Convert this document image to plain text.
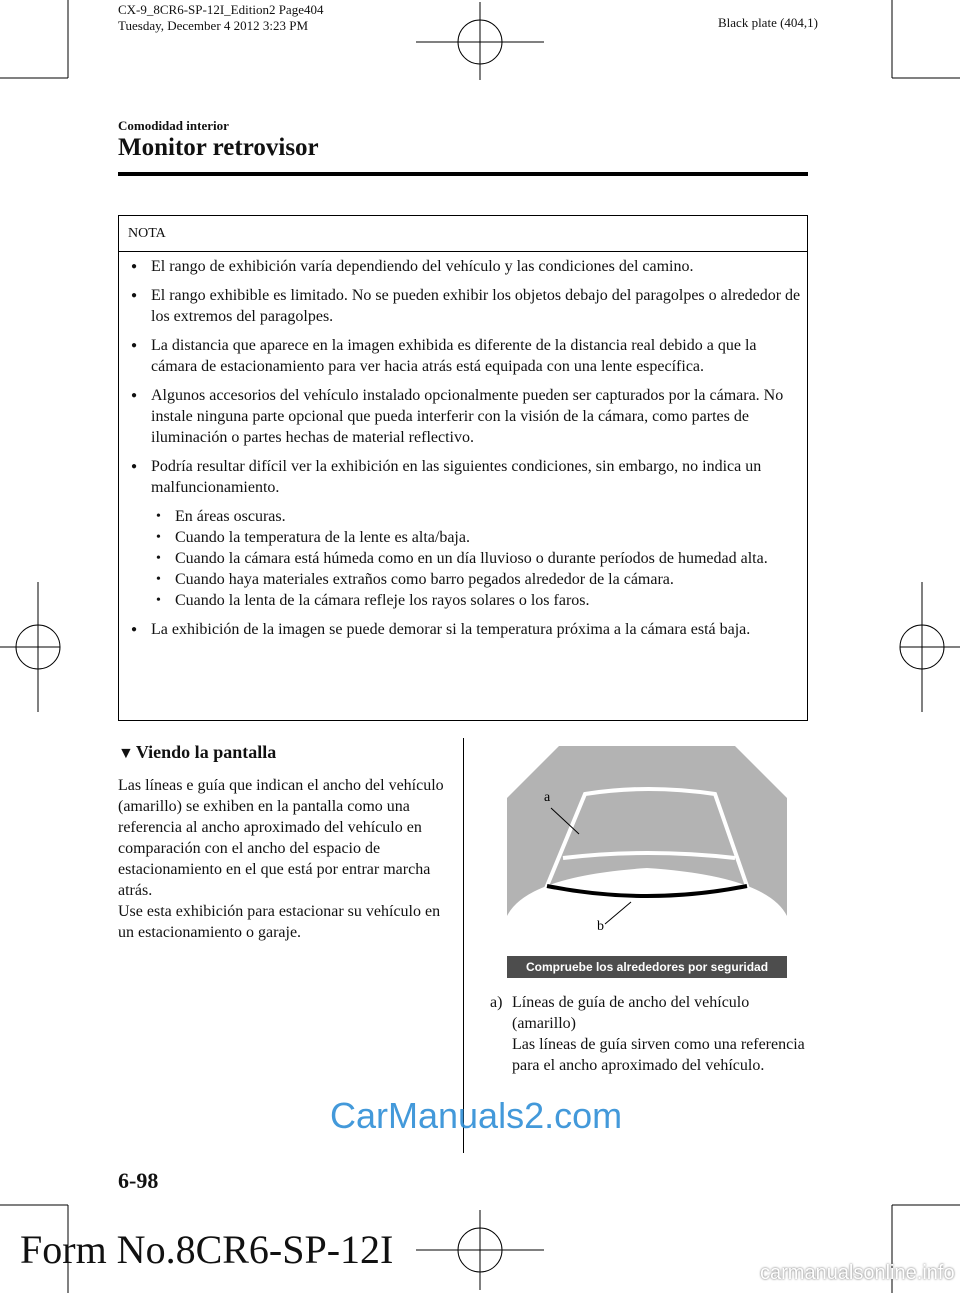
CX-9_8CR6-SP-12I_Edition2 Page404
Tuesday, December 4 2012 3:23 PM	Black plate (404,1)
Comodidad interior
Monitor retrovisor
NOTA
● El rango de exhibición varía dependiendo del vehículo y las condiciones del camino.
● El rango exhibible es limitado. No se pueden exhibir los objetos debajo del paragolpes o alrededor de los extremos del paragolpes.
● La distancia que aparece en la imagen exhibida es diferente de la distancia real debido a que la cámara de estacionamiento para ver hacia atrás está equipada con una lente específica.
● Algunos accesorios del vehículo instalado opcionalmente pueden ser capturados por la cámara. No instale ninguna parte opcional que pueda interferir con la visión de la cámara, como partes de iluminación o partes hechas de material reflectivo.
● Podría resultar difícil ver la exhibición en las siguientes condiciones, sin embargo, no indica un malfuncionamiento.
• En áreas oscuras.
• Cuando la temperatura de la lente es alta/baja.
• Cuando la cámara está húmeda como en un día lluvioso o durante períodos de humedad alta.
• Cuando haya materiales extraños como barro pegados alrededor de la cámara.
• Cuando la lenta de la cámara refleje los rayos solares o los faros.
● La exhibición de la imagen se puede demorar si la temperatura próxima a la cámara está baja.
▼ Viendo la pantalla

Las líneas e guía que indican el ancho del vehículo (amarillo) se exhiben en la pantalla como una referencia al ancho aproximado del vehículo en comparación con el ancho del espacio de estacionamiento en el que está por entrar marcha atrás.

Use esta exhibición para estacionar su vehículo en un estacionamiento o garaje.

a
b
Compruebe los alrededores por seguridad
a) Líneas de guía de ancho del vehículo (amarillo)
Las líneas de guía sirven como una referencia para el ancho aproximado del vehículo.
CarManuals2.com
6-98
Form No.8CR6-SP-12I
carmanualsonline.info
